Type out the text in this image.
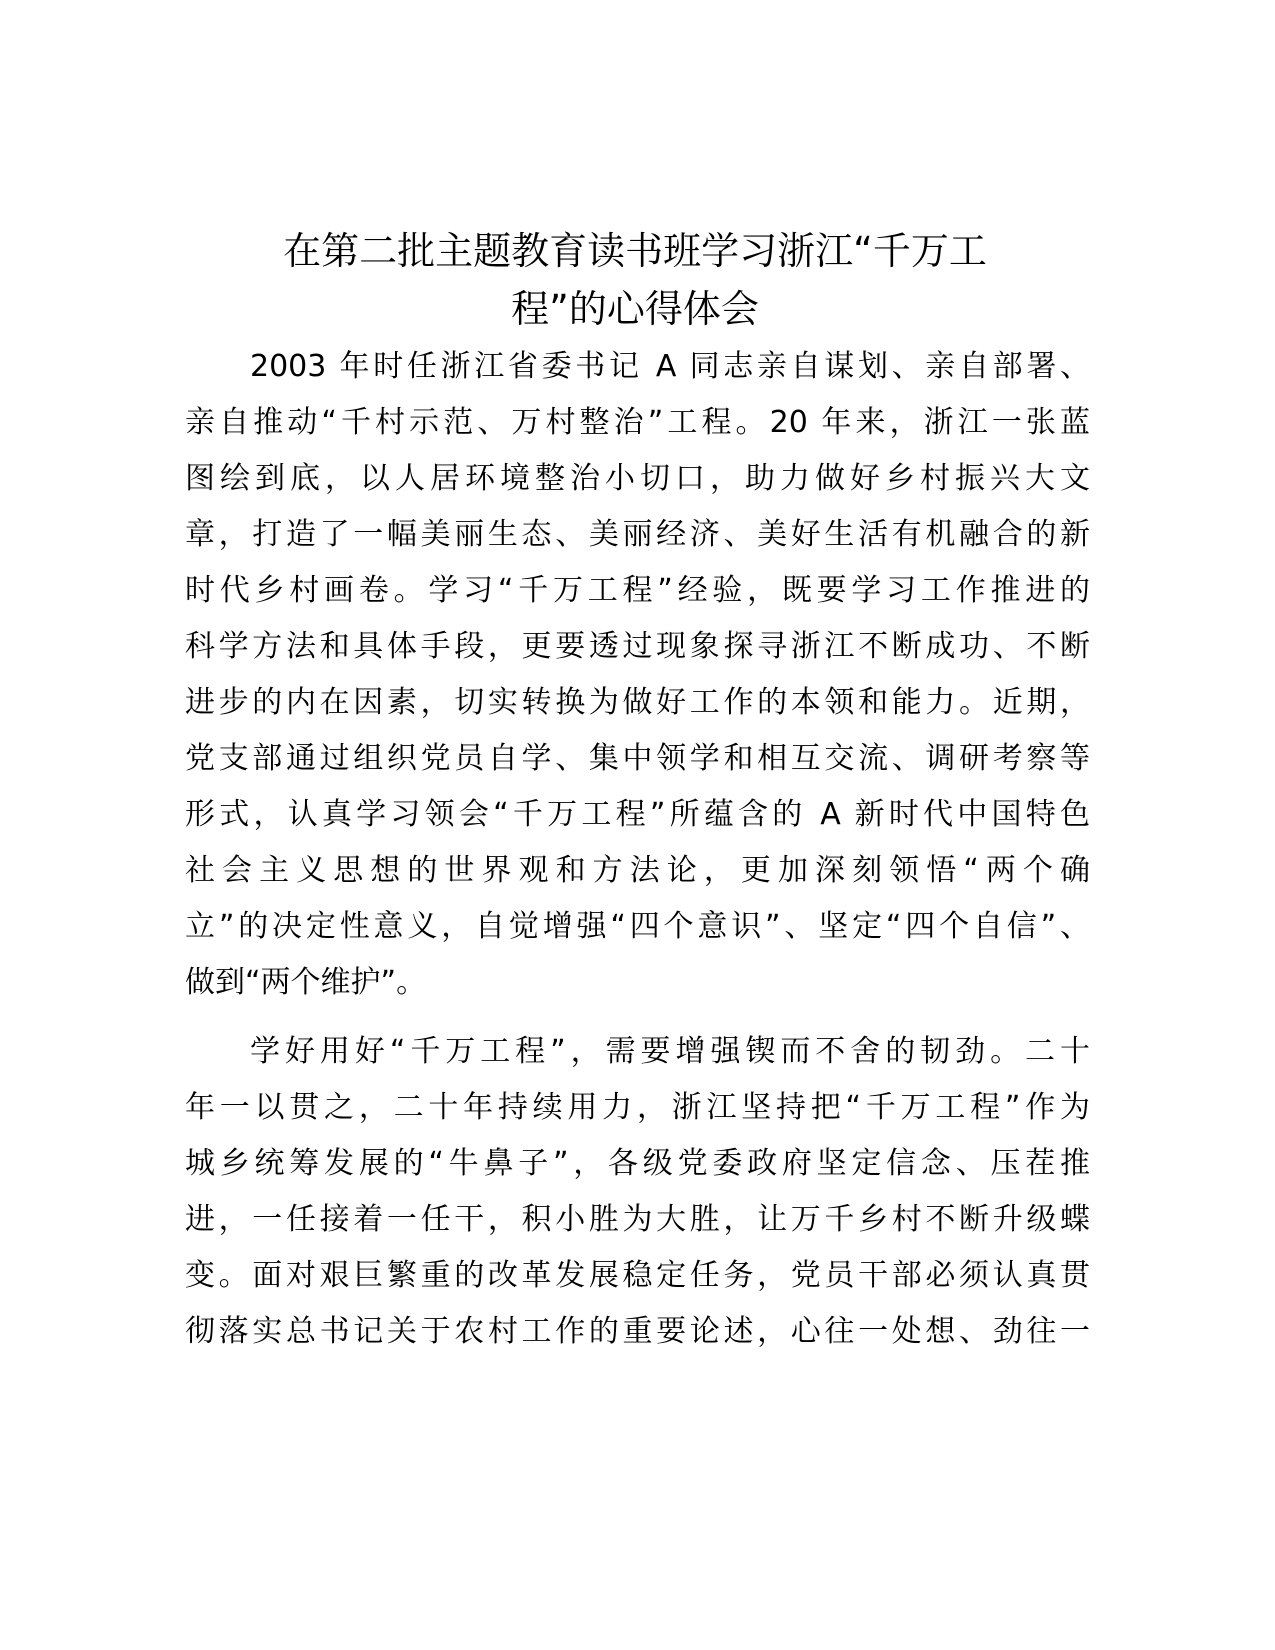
在第二批主题教育读书班学习浙江“千万工
程”的心得体会

2003 年时任浙江省委书记 A 同志亲自谋划、亲自部署、

亲自推动“千村示范、万村整治”工程。20 年来，浙江一张蓝

图绘到底，以人居环境整治小切口，助力做好乡村振兴大文

章，打造了一幅美丽生态、美丽经济、美好生活有机融合的新

时代乡村画卷。学习“千万工程”经验，既要学习工作推进的

科学方法和具体手段，更要透过现象探寻浙江不断成功、不断

进步的内在因素，切实转换为做好工作的本领和能力。近期，

党支部通过组织党员自学、集中领学和相互交流、调研考察等

形式，认真学习领会“千万工程”所蕴含的 A 新时代中国特色

社会主义思想的世界观和方法论，更加深刻领悟“两个确

立”的决定性意义，自觉增强“四个意识”、坚定“四个自信”、

做到“两个维护”。

学好用好“千万工程”，需要增强锲而不舍的韧劲。二十

年一以贯之，二十年持续用力，浙江坚持把“千万工程”作为

城乡统筹发展的“牛鼻子”，各级党委政府坚定信念、压茬推

进，一任接着一任干，积小胜为大胜，让万千乡村不断升级蝶

变。面对艰巨繁重的改革发展稳定任务，党员干部必须认真贯

彻落实总书记关于农村工作的重要论述，心往一处想、劲往一
